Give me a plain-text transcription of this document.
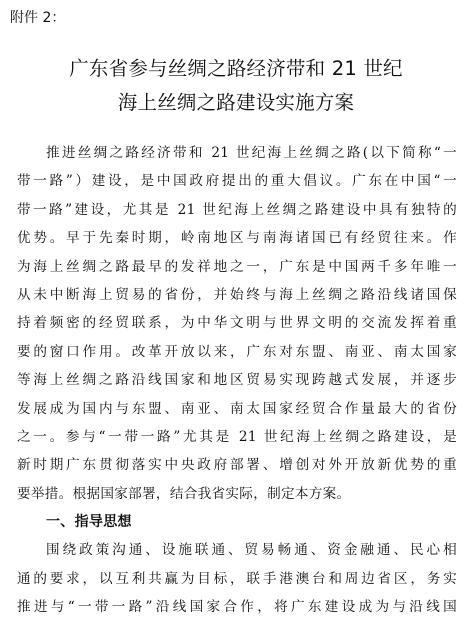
附件 2：
广东省参与丝绸之路经济带和 21 世纪
海上丝绸之路建设实施方案
推进丝绸之路经济带和 21 世纪海上丝绸之路(以下简称“一
带一路”）建设，是中国政府提出的重大倡议。广东在中国“一
带一路”建设，尤其是 21 世纪海上丝绸之路建设中具有独特的
优势。早于先秦时期，岭南地区与南海诸国已有经贸往来。作
为海上丝绸之路最早的发祥地之一，广东是中国两千多年唯一
从未中断海上贸易的省份，并始终与海上丝绸之路沿线诸国保
持着频密的经贸联系，为中华文明与世界文明的交流发挥着重
要的窗口作用。改革开放以来，广东对东盟、南亚、南太国家
等海上丝绸之路沿线国家和地区贸易实现跨越式发展，并逐步
发展成为国内与东盟、南亚、南太国家经贸合作量最大的省份
之一。参与“一带一路”尤其是 21 世纪海上丝绸之路建设，是
新时期广东贯彻落实中央政府部署、增创对外开放新优势的重
要举措。根据国家部署，结合我省实际，制定本方案。
一、指导思想
围绕政策沟通、设施联通、贸易畅通、资金融通、民心相
通的要求，以互利共赢为目标，联手港澳台和周边省区，务实
推进与“一带一路”沿线国家合作，将广东建设成为与沿线国
